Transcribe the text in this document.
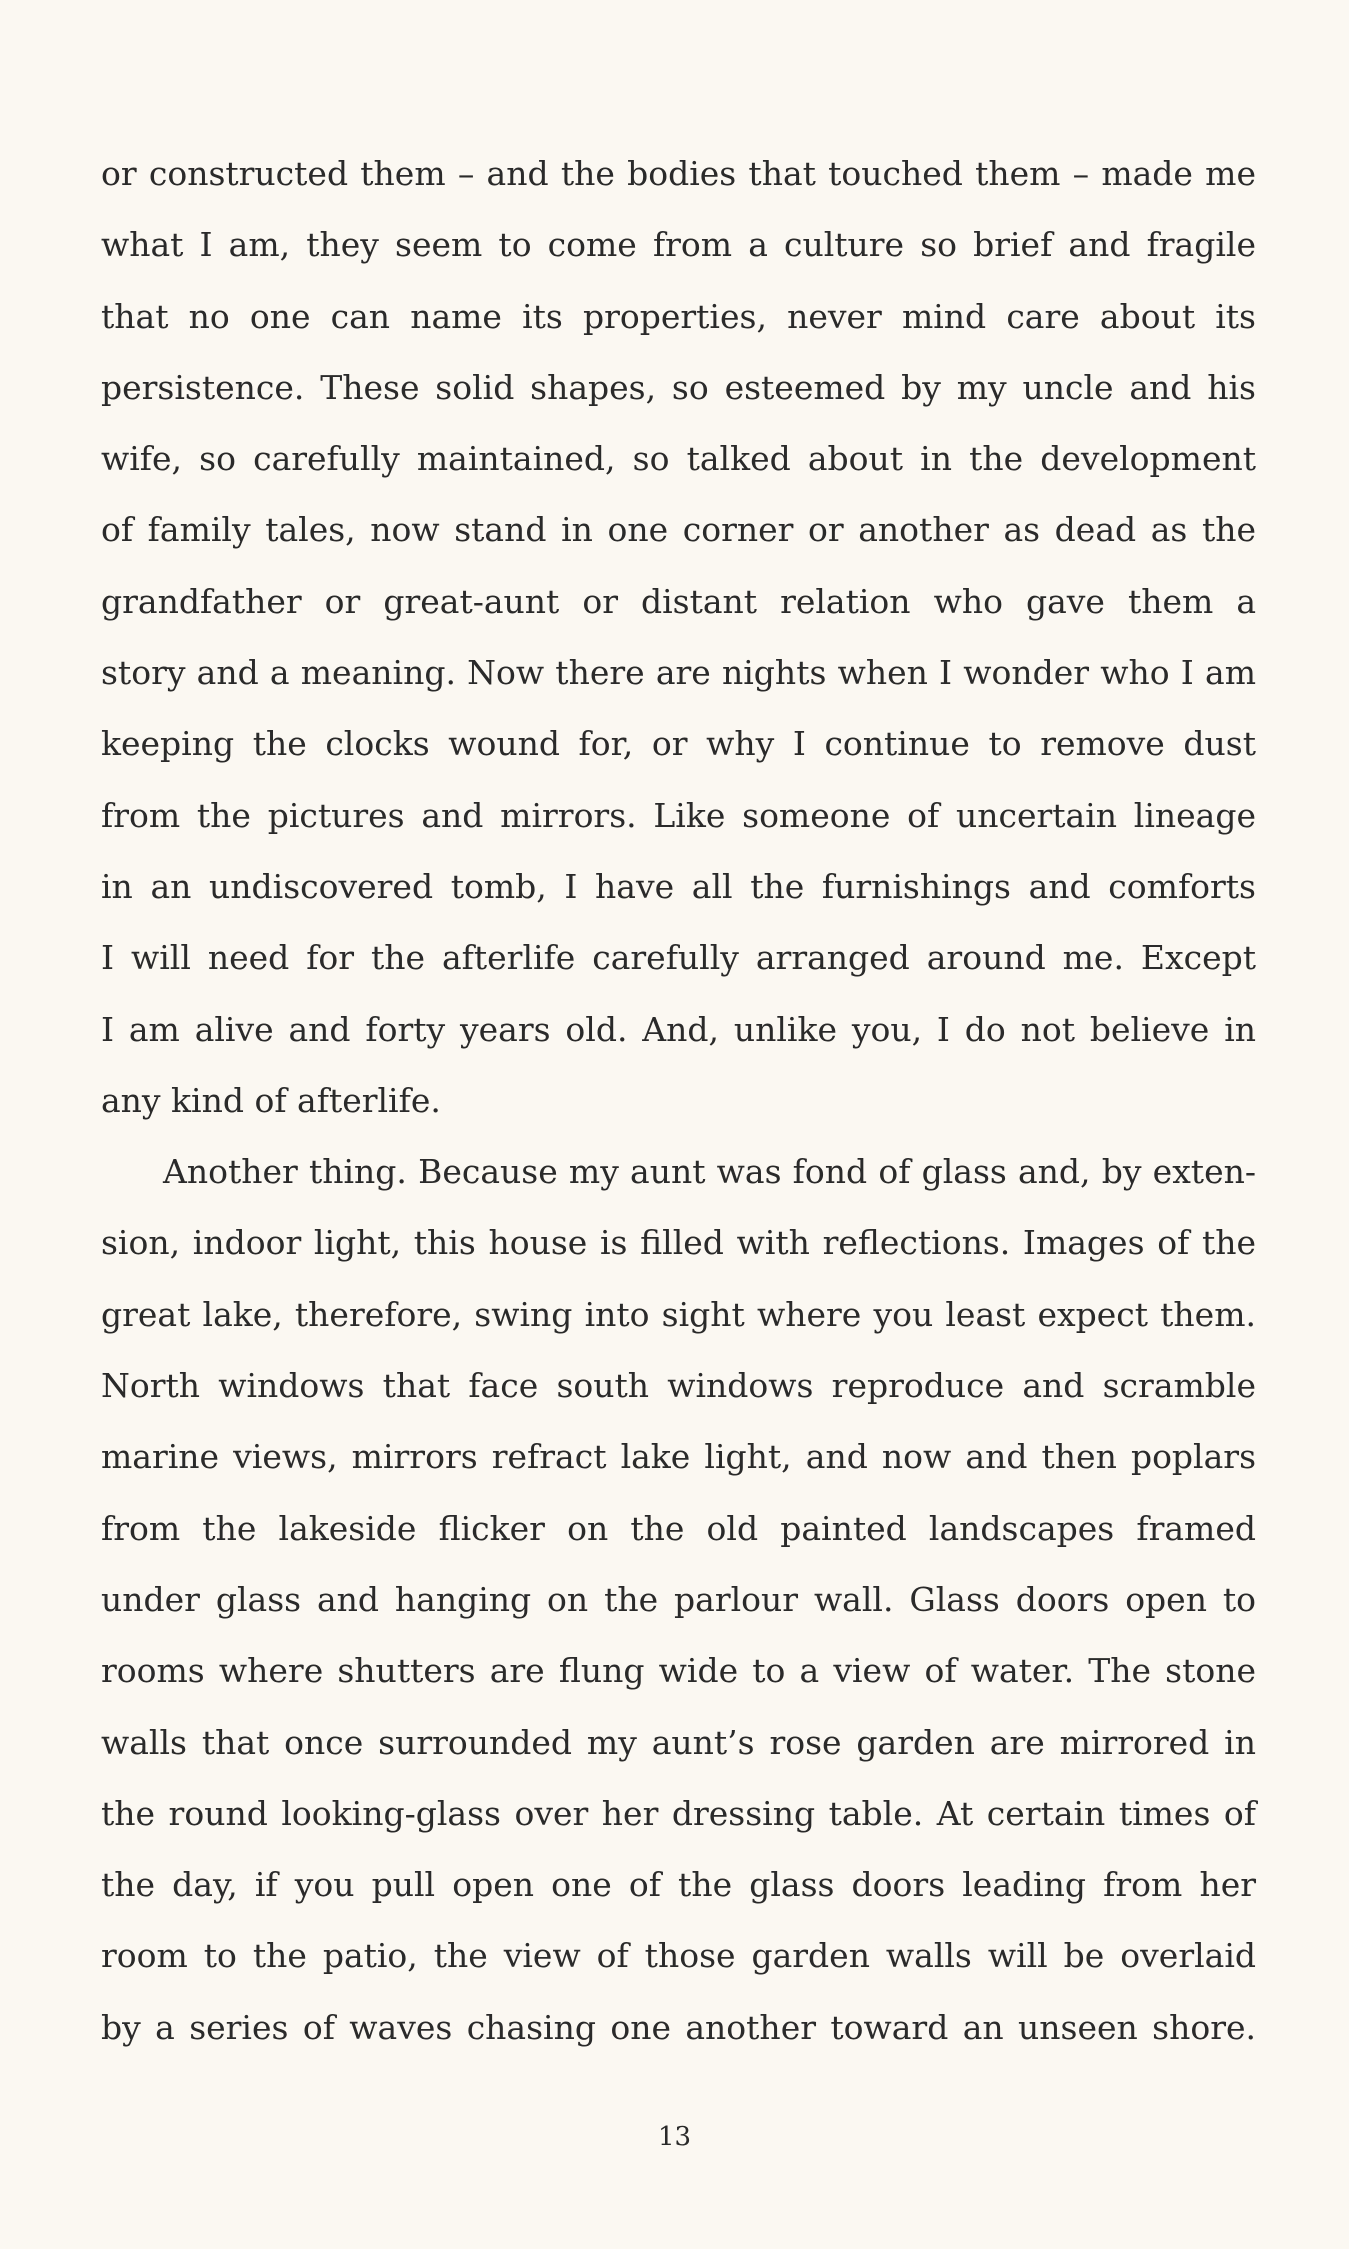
or constructed them – and the bodies that touched them – made me
what I am, they seem to come from a culture so brief and fragile
that no one can name its properties, never mind care about its
persistence. These solid shapes, so esteemed by my uncle and his
wife, so carefully maintained, so talked about in the development
of family tales, now stand in one corner or another as dead as the
grandfather or great-aunt or distant relation who gave them a
story and a meaning. Now there are nights when I wonder who I am
keeping the clocks wound for, or why I continue to remove dust
from the pictures and mirrors. Like someone of uncertain lineage
in an undiscovered tomb, I have all the furnishings and comforts
I will need for the afterlife carefully arranged around me. Except
I am alive and forty years old. And, unlike you, I do not believe in
any kind of afterlife.
Another thing. Because my aunt was fond of glass and, by exten-
sion, indoor light, this house is filled with reflections. Images of the
great lake, therefore, swing into sight where you least expect them.
North windows that face south windows reproduce and scramble
marine views, mirrors refract lake light, and now and then poplars
from the lakeside flicker on the old painted landscapes framed
under glass and hanging on the parlour wall. Glass doors open to
rooms where shutters are flung wide to a view of water. The stone
walls that once surrounded my aunt’s rose garden are mirrored in
the round looking-glass over her dressing table. At certain times of
the day, if you pull open one of the glass doors leading from her
room to the patio, the view of those garden walls will be overlaid
by a series of waves chasing one another toward an unseen shore.
13
